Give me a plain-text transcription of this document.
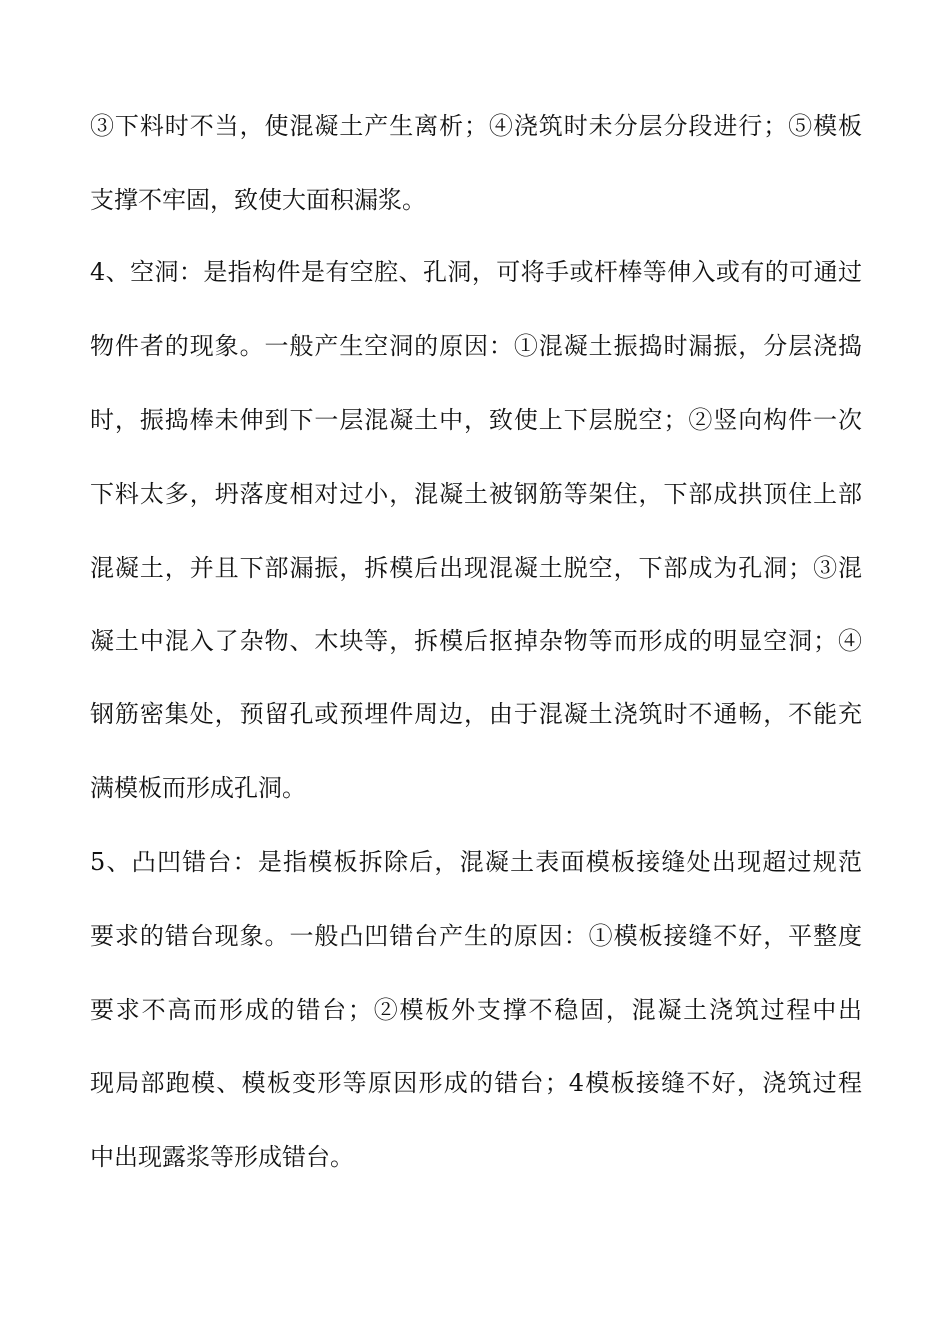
③下料时不当，使混凝土产生离析；④浇筑时未分层分段进行；⑤模板
支撑不牢固，致使大面积漏浆。
4、空洞：是指构件是有空腔、孔洞，可将手或杆棒等伸入或有的可通过
物件者的现象。一般产生空洞的原因：①混凝土振捣时漏振，分层浇捣
时，振捣棒未伸到下一层混凝土中，致使上下层脱空；②竖向构件一次
下料太多，坍落度相对过小，混凝土被钢筋等架住，下部成拱顶住上部
混凝土，并且下部漏振，拆模后出现混凝土脱空，下部成为孔洞；③混
凝土中混入了杂物、木块等，拆模后抠掉杂物等而形成的明显空洞；④
钢筋密集处，预留孔或预埋件周边，由于混凝土浇筑时不通畅，不能充
满模板而形成孔洞。
5、凸凹错台：是指模板拆除后，混凝土表面模板接缝处出现超过规范
要求的错台现象。一般凸凹错台产生的原因：①模板接缝不好，平整度
要求不高而形成的错台；②模板外支撑不稳固，混凝土浇筑过程中出
现局部跑模、模板变形等原因形成的错台；4模板接缝不好，浇筑过程
中出现露浆等形成错台。
